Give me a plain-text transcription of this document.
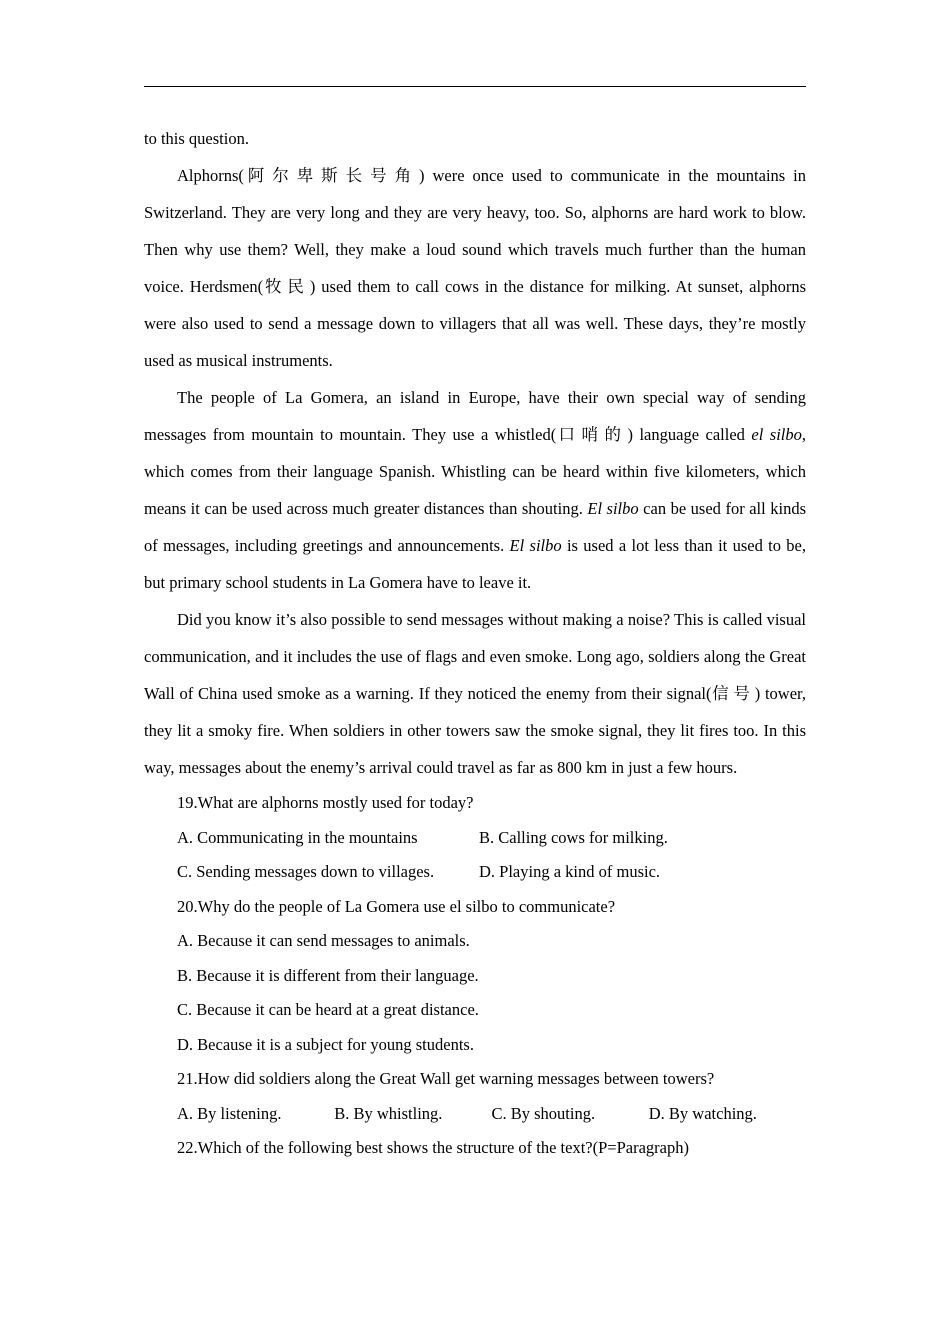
to this question.

Alphorns(阿尔卑斯长号角) were once used to communicate in the mountains in Switzerland. They are very long and they are very heavy, too. So, alphorns are hard work to blow. Then why use them? Well, they make a loud sound which travels much further than the human voice. Herdsmen(牧民) used them to call cows in the distance for milking. At sunset, alphorns were also used to send a message down to villagers that all was well. These days, they’re mostly used as musical instruments.

The people of La Gomera, an island in Europe, have their own special way of sending messages from mountain to mountain. They use a whistled(口哨的) language called el silbo, which comes from their language Spanish. Whistling can be heard within five kilometers, which means it can be used across much greater distances than shouting. El silbo can be used for all kinds of messages, including greetings and announcements. El silbo is used a lot less than it used to be, but primary school students in La Gomera have to leave it.

Did you know it’s also possible to send messages without making a noise? This is called visual communication, and it includes the use of flags and even smoke. Long ago, soldiers along the Great Wall of China used smoke as a warning. If they noticed the enemy from their signal(信号) tower, they lit a smoky fire. When soldiers in other towers saw the smoke signal, they lit fires too. In this way, messages about the enemy’s arrival could travel as far as 800 km in just a few hours.

19.What are alphorns mostly used for today?

A. Communicating in the mountains	B. Calling cows for milking.
C. Sending messages down to villages.	D. Playing a kind of music.

20.Why do the people of La Gomera use el silbo to communicate?

A. Because it can send messages to animals.

B. Because it is different from their language.

C. Because it can be heard at a great distance.

D. Because it is a subject for young students.

21.How did soldiers along the Great Wall get warning messages between towers?

A. By listening.	B. By whistling.	C. By shouting.	D. By watching.

22.Which of the following best shows the structure of the text?(P=Paragraph)
